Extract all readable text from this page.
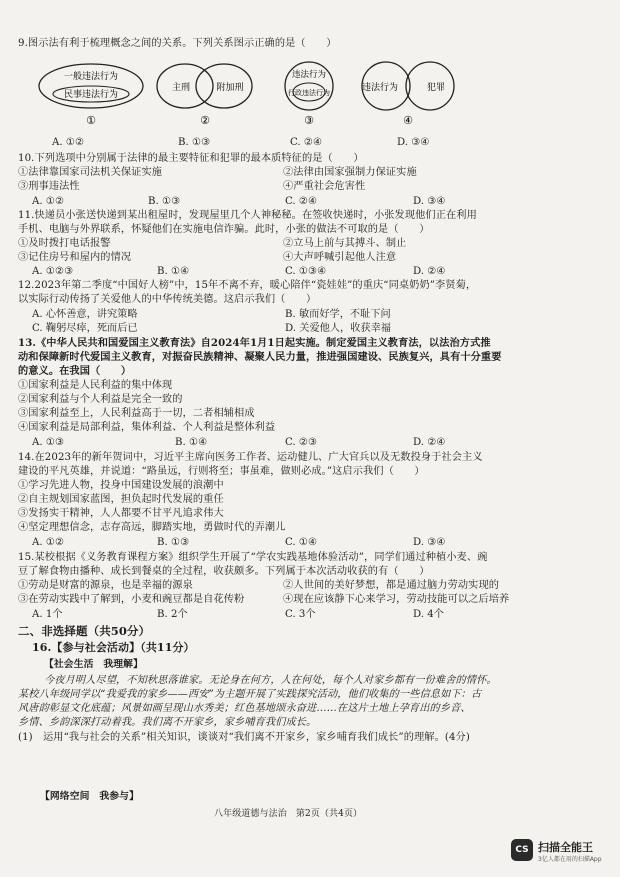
9.图示法有利于梳理概念之间的关系。下列关系图示正确的是（　　）
一般违法行为
民事违法行为
①
主刑	附加刑
②
违法行为
行政违法行为
③
违法行为	犯罪
④
A. ①②	B. ①③	C. ②④	D. ③④
10.下列选项中分别属于法律的最主要特征和犯罪的最本质特征的是（　　）
①法律靠国家司法机关保证实施	②法律由国家强制力保证实施
③刑事违法性	④严重社会危害性
A. ①②	B. ①③	C. ②④	D. ③④
11.快递员小张送快递到某出租屋时，发现屋里几个人神秘秘。在签收快递时，小张发现他们正在利用
手机、电脑与外界联系，怀疑他们在实施电信诈骗。此时，小张的做法不可取的是（　　）
①及时拨打电话报警	②立马上前与其搏斗、制止
③记住房号和屋内的情况	④大声呼喊引起他人注意
A. ①②③	B. ①④	C. ①③④	D. ②④
12.2023年第二季度“中国好人榜”中，15年不离不弃，暖心陪伴“瓷娃娃”的重庆“同桌奶奶”李贤菊，
以实际行动传扬了关爱他人的中华传统美德。这启示我们（　　）
A. 心怀善意，讲究策略	B. 敏而好学，不耻下问
C. 鞠躬尽瘁，死而后已	D. 关爱他人，收获幸福
13.《中华人民共和国爱国主义教育法》自2024年1月1日起实施。制定爱国主义教育法，以法治方式推
动和保障新时代爱国主义教育，对振奋民族精神、凝聚人民力量，推进强国建设、民族复兴，具有十分重要
的意义。在我国（　　）
①国家利益是人民利益的集中体现
②国家利益与个人利益是完全一致的
③国家利益至上，人民利益高于一切，二者相辅相成
④国家利益是局部利益，集体利益、个人利益是整体利益
A. ①③	B. ①④	C. ②③	D. ②④
14.在2023年的新年贺词中，习近平主席向医务工作者、运动健儿、广大官兵以及无数投身于社会主义
建设的平凡英雄，并说道：“路虽远，行则将至；事虽难，做则必成。”这启示我们（　　）
①学习先进人物，投身中国建设发展的浪潮中
②自主规划国家蓝图，担负起时代发展的重任
③发扬实干精神，人人都要不甘平凡追求伟大
④坚定理想信念，志存高远，脚踏实地，勇做时代的弄潮儿
A. ①②	B. ①③	C. ①④	D. ③④
15.某校根据《义务教育课程方案》组织学生开展了“学农实践基地体验活动”，同学们通过种植小麦、豌
豆了解食物由播种、成长到餐桌的全过程，收获颇多。下列属于本次活动收获的有（　　）
①劳动是财富的源泉，也是幸福的源泉	②人世间的美好梦想，都是通过脑力劳动实现的
③在劳动实践中了解到，小麦和豌豆都是自花传粉	④现在应该静下心来学习，劳动技能可以之后培养
A. 1个	B. 2个	C. 3个	D. 4个
二、非选择题（共50分）
16.【参与社会活动】（共11分）
【社会生活　我理解】
今夜月明人尽望，不知秋思落谁家。无论身在何方，人在何处，每个人对家乡都有一份难舍的情怀。
某校八年级同学以“我爱我的家乡——西安”为主题开展了实践探究活动，他们收集的一些信息如下：古
风唐韵彰显文化底蕴；风景如画呈现山水秀美；红色基地颂永奋进……在这片土地上孕育出的乡音、
乡情、乡韵深深打动着我。我们离不开家乡，家乡哺育我们成长。
(1)　运用“我与社会的关系”相关知识，谈谈对“我们离不开家乡，家乡哺育我们成长”的理解。(4分)
【网络空间　我参与】
八年级道德与法治　第2页（共4页）
CS 扫描全能王
3亿人都在用的扫描App
